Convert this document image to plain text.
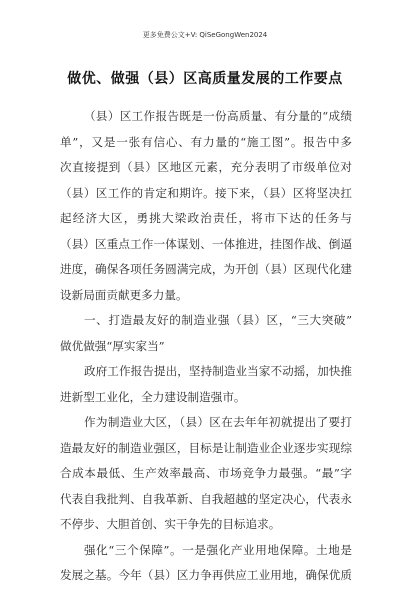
更多免费公文+V: QiSeGongWen2024
做优、做强（县）区高质量发展的工作要点
（县）区工作报告既是一份高质量、有分量的“成绩
单”，又是一张有信心、有力量的“施工图”。报告中多
次直接提到（县）区地区元素，充分表明了市级单位对
（县）区工作的肯定和期许。接下来，（县）区将坚决扛
起经济大区，勇挑大梁政治责任，将市下达的任务与
（县）区重点工作一体谋划、一体推进，挂图作战、倒逼
进度，确保各项任务圆满完成，为开创（县）区现代化建
设新局面贡献更多力量。
一、打造最友好的制造业强（县）区，“三大突破”
做优做强“厚实家当”
政府工作报告提出，坚持制造业当家不动摇，加快推
进新型工业化，全力建设制造强市。
作为制造业大区，（县）区在去年年初就提出了要打
造最友好的制造业强区，目标是让制造业企业逐步实现综
合成本最低、生产效率最高、市场竞争力最强。“最”字
代表自我批判、自我革新、自我超越的坚定决心，代表永
不停步、大胆首创、实干争先的目标追求。
强化“三个保障”。一是强化产业用地保障。土地是
发展之基。今年（县）区力争再供应工业用地，确保优质
